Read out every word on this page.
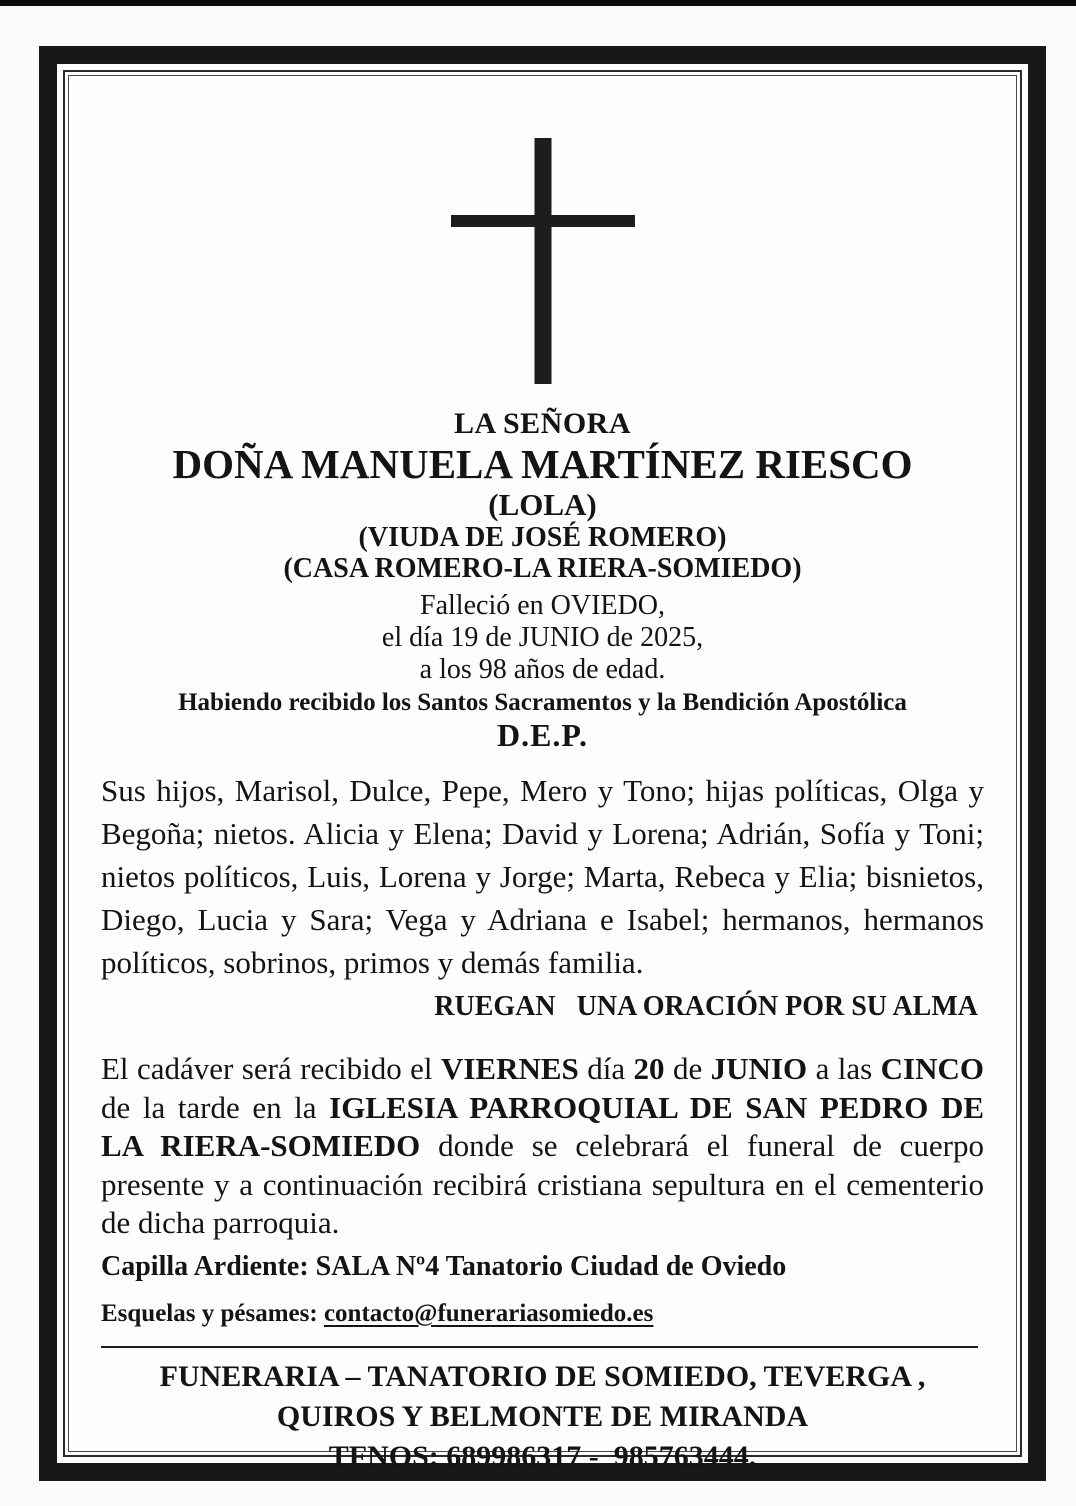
LA SEÑORA
DOÑA MANUELA MARTÍNEZ RIESCO
(LOLA)
(VIUDA DE JOSÉ ROMERO)
(CASA ROMERO-LA RIERA-SOMIEDO)
Falleció en OVIEDO,
el día 19 de JUNIO de 2025,
a los 98 años de edad.
Habiendo recibido los Santos Sacramentos y la Bendición Apostólica
D.E.P.

Sus hijos, Marisol, Dulce, Pepe, Mero y Tono; hijas políticas, Olga y Begoña; nietos. Alicia y Elena; David y Lorena; Adrián, Sofía y Toni; nietos políticos, Luis, Lorena y Jorge; Marta, Rebeca y Elia; bisnietos, Diego, Lucia y Sara; Vega y Adriana e Isabel; hermanos, hermanos políticos, sobrinos, primos y demás familia.

RUEGAN   UNA ORACIÓN POR SU ALMA

El cadáver será recibido el VIERNES día 20 de JUNIO a las CINCO de la tarde en la IGLESIA PARROQUIAL DE SAN PEDRO DE LA RIERA-SOMIEDO donde se celebrará el funeral de cuerpo presente y a continuación recibirá cristiana sepultura en el cementerio de dicha parroquia.

Capilla Ardiente: SALA Nº4 Tanatorio Ciudad de Oviedo
Esquelas y pésames: contacto@funerariasomiedo.es
FUNERARIA – TANATORIO DE SOMIEDO, TEVERGA ,
QUIROS Y BELMONTE DE MIRANDA
TFNOS: 689986317 -  985763444.
